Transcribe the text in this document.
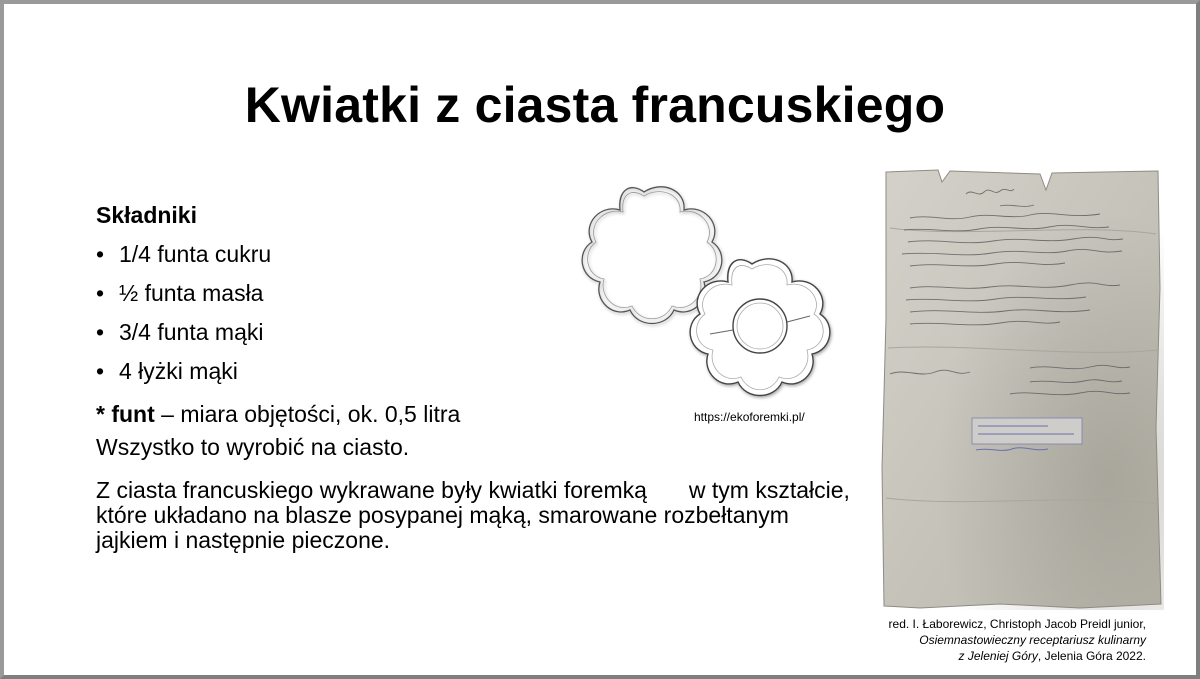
Kwiatki z ciasta francuskiego
Składniki
• 1/4 funta cukru
• ½ funta masła
• 3/4 funta mąki
• 4 łyżki mąki
* funt – miara objętości, ok. 0,5 litra
Wszystko to wyrobić na ciasto.
Z ciasta francuskiego wykrawane były kwiatki foremką w tym kształcie, które układano na blasze posypanej mąką, smarowane rozbełtanym jajkiem i następnie pieczone.
https://ekoforemki.pl/
red. I. Łaborewicz, Christoph Jacob Preidl junior,
Osiemnastowieczny receptariusz kulinarny
z Jeleniej Góry, Jelenia Góra 2022.
